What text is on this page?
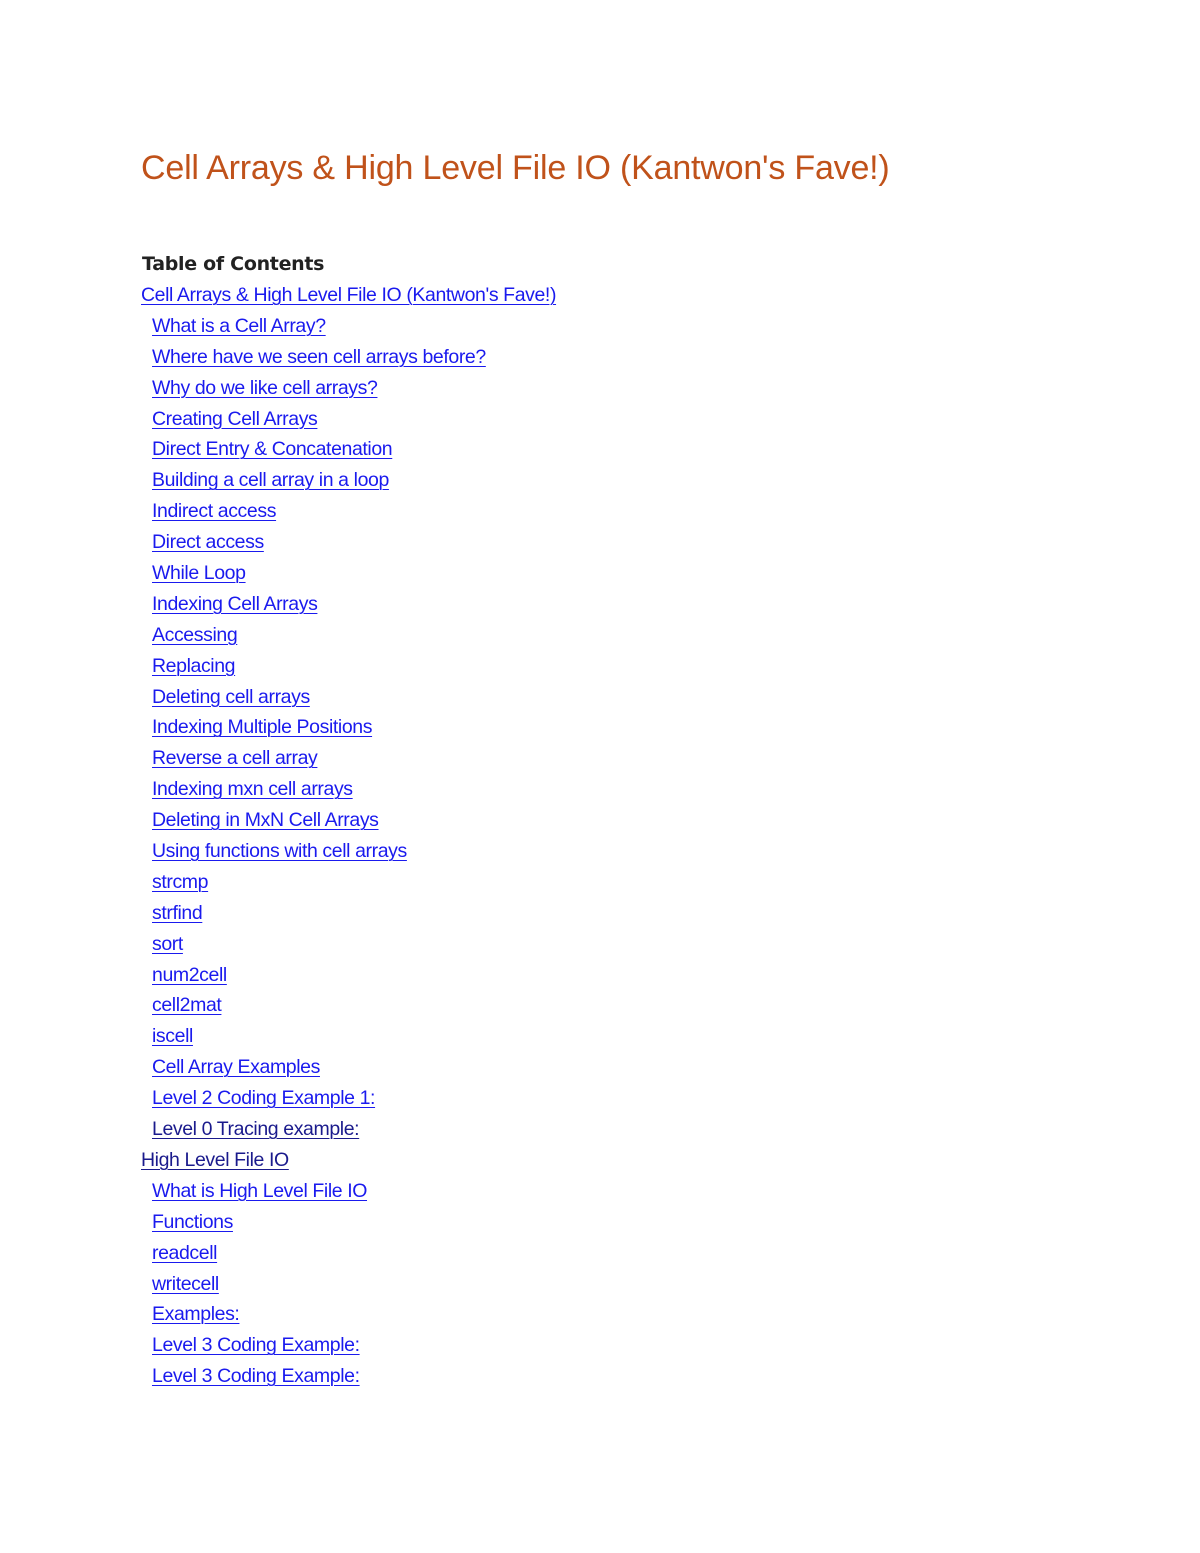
Cell Arrays & High Level File IO (Kantwon's Fave!)
Table of Contents
Cell Arrays & High Level File IO (Kantwon's Fave!)
What is a Cell Array?
Where have we seen cell arrays before?
Why do we like cell arrays?
Creating Cell Arrays
Direct Entry & Concatenation
Building a cell array in a loop
Indirect access
Direct access
While Loop
Indexing Cell Arrays
Accessing
Replacing
Deleting cell arrays
Indexing Multiple Positions
Reverse a cell array
Indexing mxn cell arrays
Deleting in MxN Cell Arrays
Using functions with cell arrays
strcmp
strfind
sort
num2cell
cell2mat
iscell
Cell Array Examples
Level 2 Coding Example 1:
Level 0 Tracing example:
High Level File IO
What is High Level File IO
Functions
readcell
writecell
Examples:
Level 3 Coding Example:
Level 3 Coding Example:
